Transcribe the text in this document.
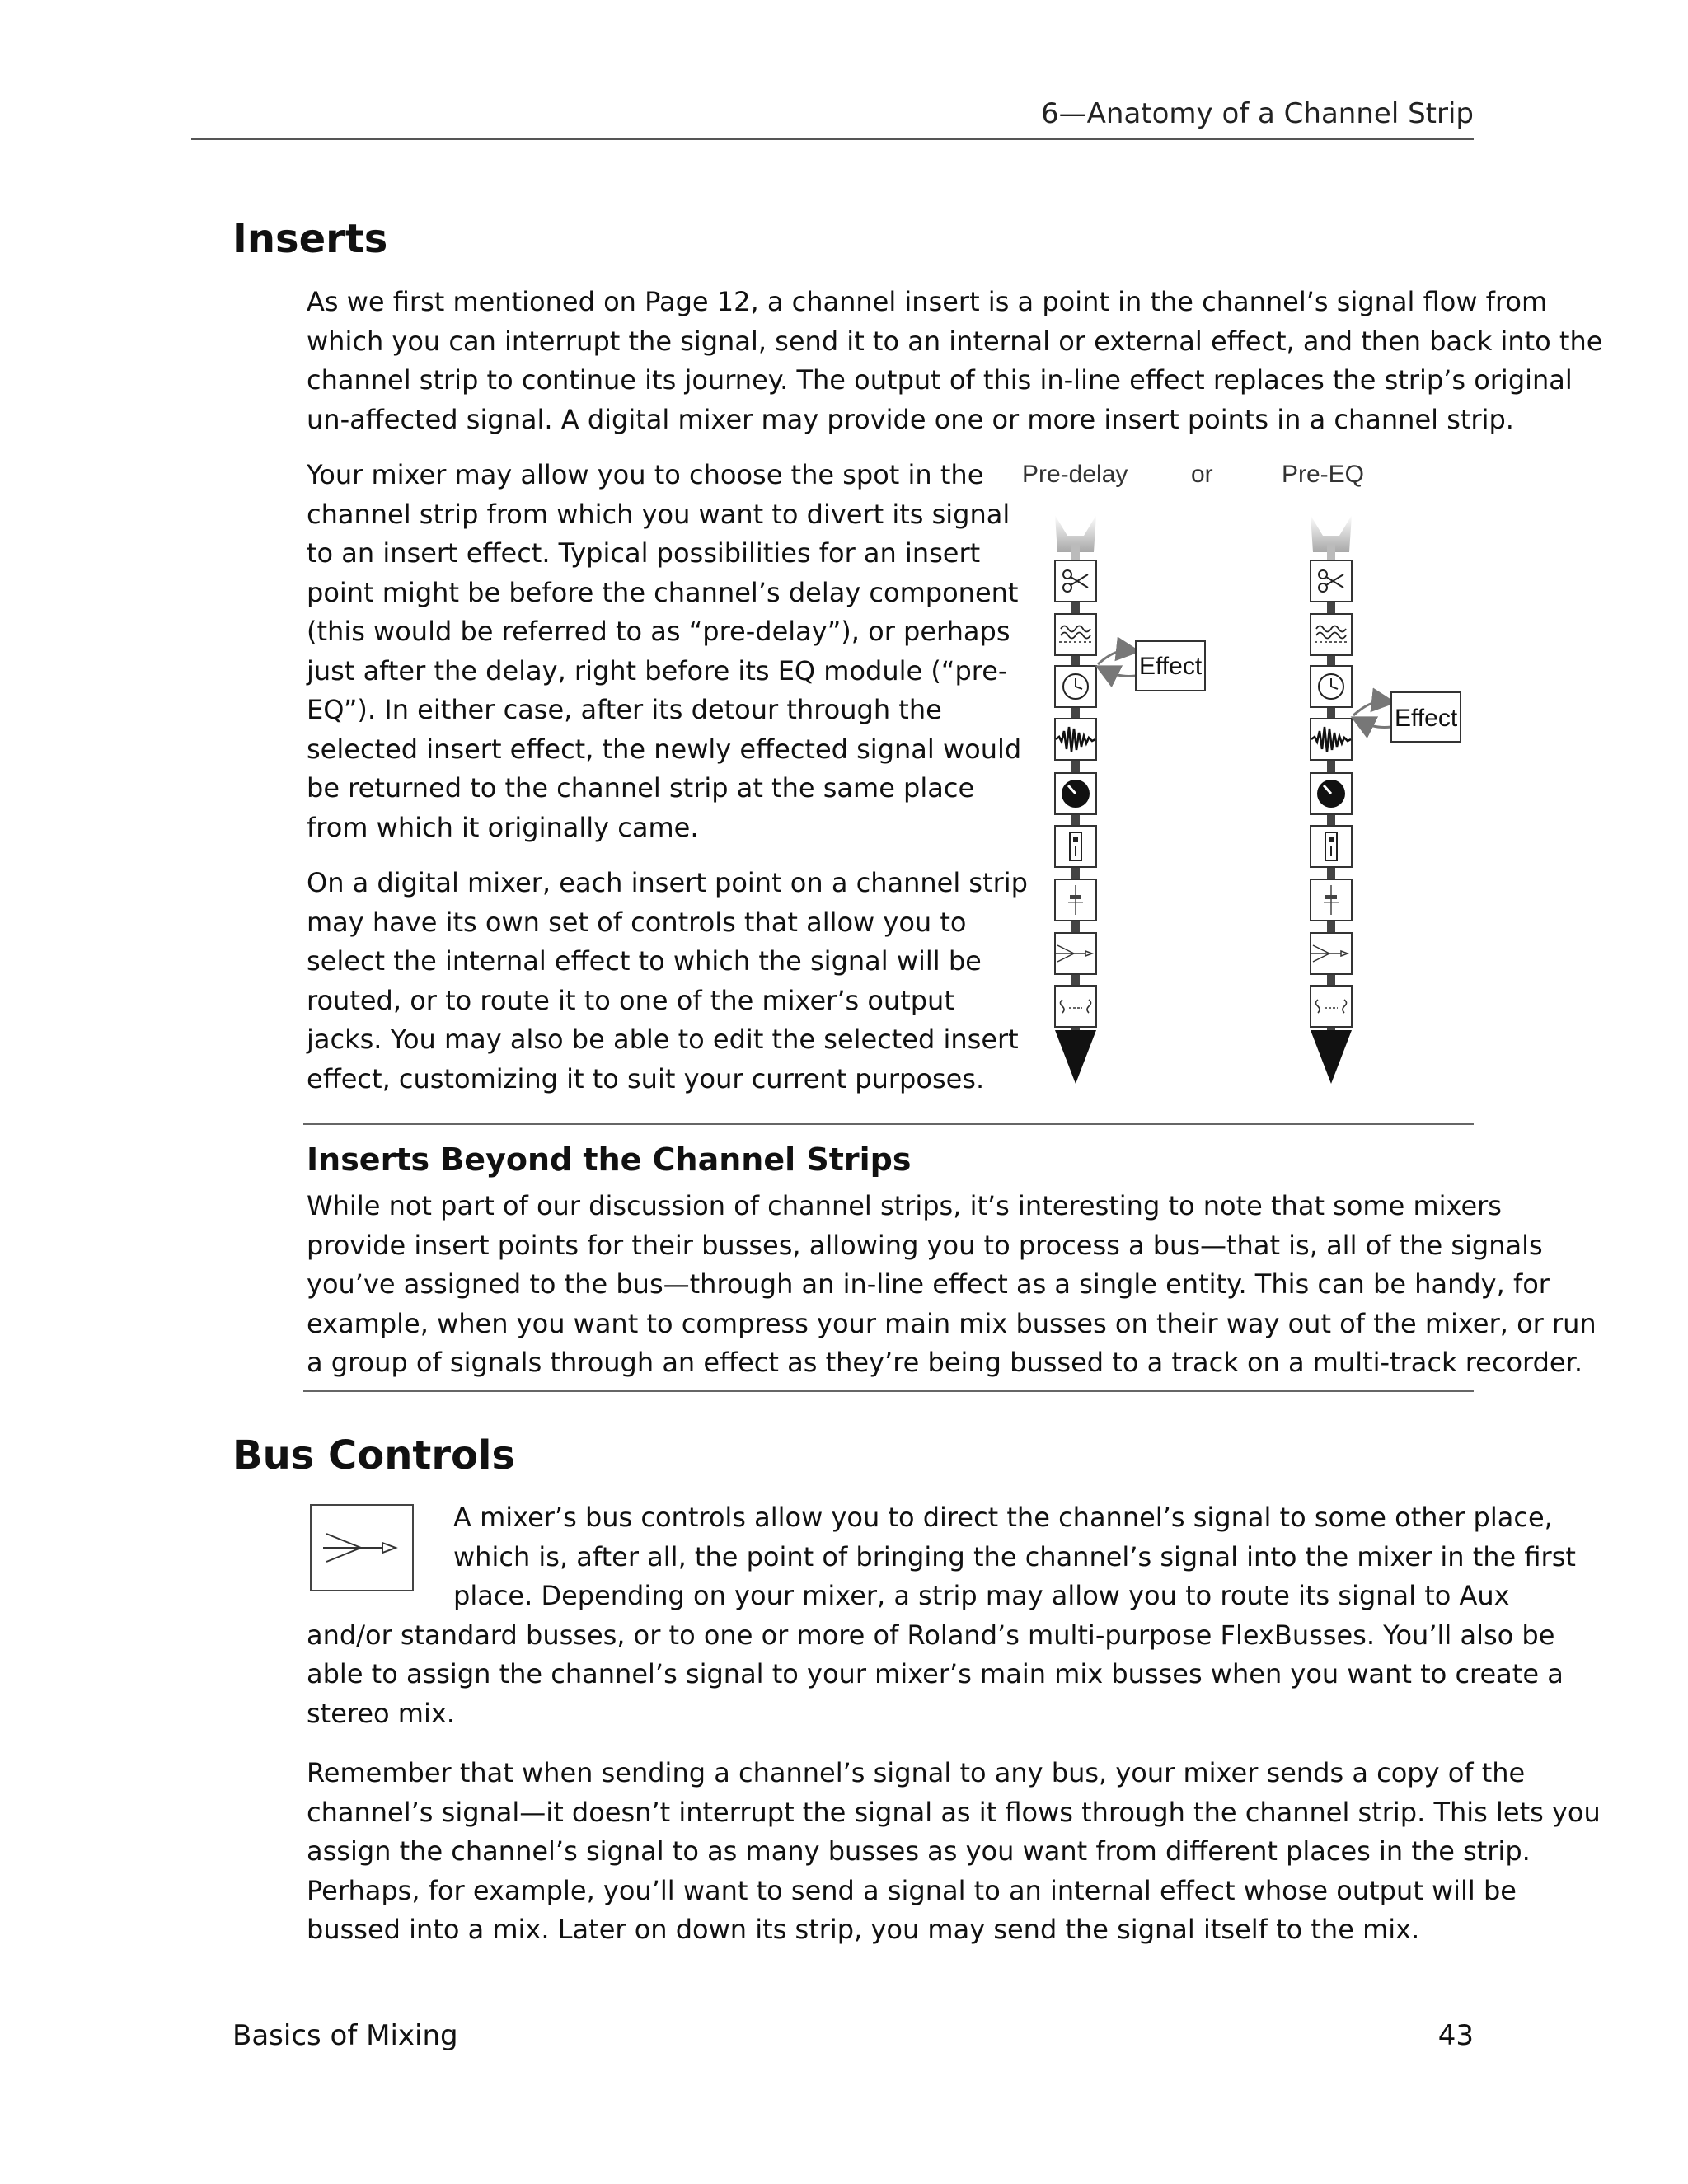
6—Anatomy of a Channel Strip
Inserts

As we first mentioned on Page 12, a channel insert is a point in the channel’s signal flow from
which you can interrupt the signal, send it to an internal or external effect, and then back into the
channel strip to continue its journey. The output of this in-line effect replaces the strip’s original
un-affected signal. A digital mixer may provide one or more insert points in a channel strip.

Your mixer may allow you to choose the spot in the
channel strip from which you want to divert its signal
to an insert effect. Typical possibilities for an insert
point might be before the channel’s delay component
(this would be referred to as “pre-delay”), or perhaps
just after the delay, right before its EQ module (“pre-
EQ”). In either case, after its detour through the
selected insert effect, the newly effected signal would
be returned to the channel strip at the same place
from which it originally came.

On a digital mixer, each insert point on a channel strip
may have its own set of controls that allow you to
select the internal effect to which the signal will be
routed, or to route it to one of the mixer’s output
jacks. You may also be able to edit the selected insert
effect, customizing it to suit your current purposes.

Pre-delay	or	Pre-EQ
Effect
Effect
Inserts Beyond the Channel Strips

While not part of our discussion of channel strips, it’s interesting to note that some mixers
provide insert points for their busses, allowing you to process a bus—that is, all of the signals
you’ve assigned to the bus—through an in-line effect as a single entity. This can be handy, for
example, when you want to compress your main mix busses on their way out of the mixer, or run
a group of signals through an effect as they’re being bussed to a track on a multi-track recorder.

Bus Controls

A mixer’s bus controls allow you to direct the channel’s signal to some other place,
which is, after all, the point of bringing the channel’s signal into the mixer in the first
place. Depending on your mixer, a strip may allow you to route its signal to Aux
and/or standard busses, or to one or more of Roland’s multi-purpose FlexBusses. You’ll also be
able to assign the channel’s signal to your mixer’s main mix busses when you want to create a
stereo mix.

Remember that when sending a channel’s signal to any bus, your mixer sends a copy of the
channel’s signal—it doesn’t interrupt the signal as it flows through the channel strip. This lets you
assign the channel’s signal to as many busses as you want from different places in the strip.
Perhaps, for example, you’ll want to send a signal to an internal effect whose output will be
bussed into a mix. Later on down its strip, you may send the signal itself to the mix.

Basics of Mixing	43
